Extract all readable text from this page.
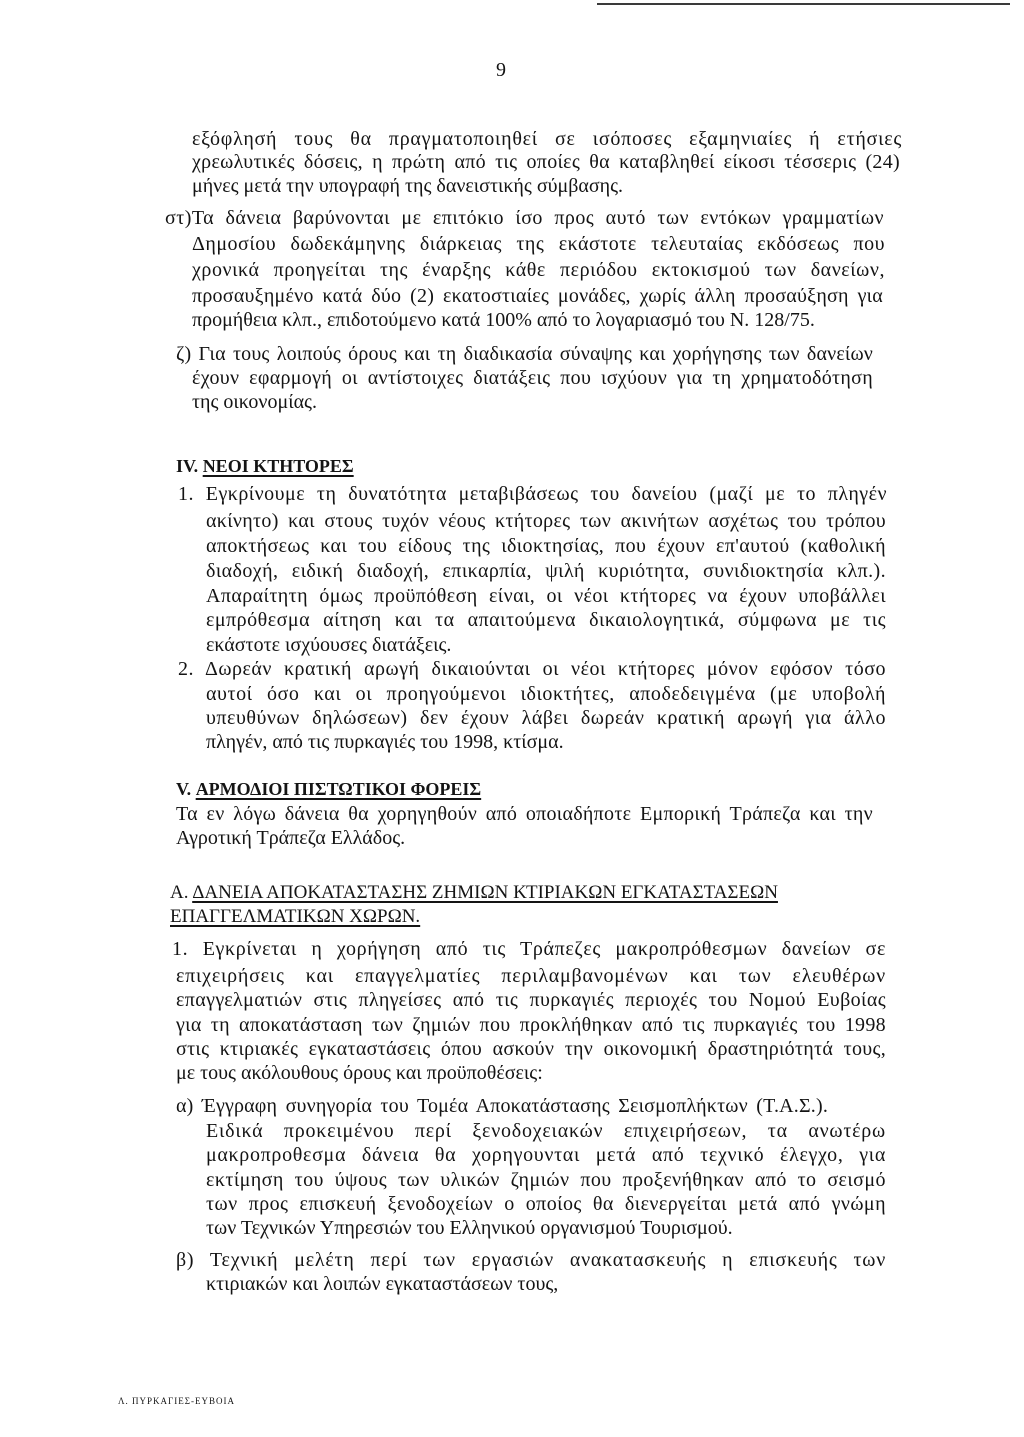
9
εξόφλησή τους θα πραγματοποιηθεί σε ισόποσες εξαμηνιαίες ή ετήσιες
χρεωλυτικές δόσεις, η πρώτη από τις οποίες θα καταβληθεί είκοσι τέσσερις (24)
μήνες μετά την υπογραφή της δανειστικής σύμβασης.
στ)Τα δάνεια βαρύνονται με επιτόκιο ίσο προς αυτό των εντόκων γραμματίων
Δημοσίου δωδεκάμηνης διάρκειας της εκάστοτε τελευταίας εκδόσεως που
χρονικά προηγείται της έναρξης κάθε περιόδου εκτοκισμού των δανείων,
προσαυξημένο κατά δύο (2) εκατοστιαίες μονάδες, χωρίς άλλη προσαύξηση για
προμήθεια κλπ., επιδοτούμενο κατά 100% από το λογαριασμό του Ν. 128/75.
ζ) Για τους λοιπούς όρους και τη διαδικασία σύναψης και χορήγησης των δανείων
έχουν εφαρμογή οι αντίστοιχες διατάξεις που ισχύουν για τη χρηματοδότηση
της οικονομίας.
IV. ΝΕΟΙ ΚΤΗΤΟΡΕΣ
1. Εγκρίνουμε τη δυνατότητα μεταβιβάσεως του δανείου (μαζί με το πληγέν
ακίνητο) και στους τυχόν νέους κτήτορες των ακινήτων ασχέτως του τρόπου
αποκτήσεως και του είδους της ιδιοκτησίας, που έχουν επ'αυτού (καθολική
διαδοχή, ειδική διαδοχή, επικαρπία, ψιλή κυριότητα, συνιδιοκτησία κλπ.).
Απαραίτητη όμως προϋπόθεση είναι, οι νέοι κτήτορες να έχουν υποβάλλει
εμπρόθεσμα αίτηση και τα απαιτούμενα δικαιολογητικά, σύμφωνα με τις
εκάστοτε ισχύουσες διατάξεις.
2. Δωρεάν κρατική αρωγή δικαιούνται οι νέοι κτήτορες μόνον εφόσον τόσο
αυτοί όσο και οι προηγούμενοι ιδιοκτήτες, αποδεδειγμένα (με υποβολή
υπευθύνων δηλώσεων) δεν έχουν λάβει δωρεάν κρατική αρωγή για άλλο
πληγέν, από τις πυρκαγιές του 1998, κτίσμα.
V. ΑΡΜΟΔΙΟΙ ΠΙΣΤΩΤΙΚΟΙ ΦΟΡΕΙΣ
Τα εν λόγω δάνεια θα χορηγηθούν από οποιαδήποτε Εμπορική Τράπεζα και την
Αγροτική Τράπεζα Ελλάδος.
Α. ΔΑΝΕΙΑ ΑΠΟΚΑΤΑΣΤΑΣΗΣ ΖΗΜΙΩΝ ΚΤΙΡΙΑΚΩΝ ΕΓΚΑΤΑΣΤΑΣΕΩΝ
ΕΠΑΓΓΕΛΜΑΤΙΚΩΝ ΧΩΡΩΝ.
1. Εγκρίνεται η χορήγηση από τις Τράπεζες μακροπρόθεσμων δανείων σε
επιχειρήσεις και επαγγελματίες περιλαμβανομένων και των ελευθέρων
επαγγελματιών στις πληγείσες από τις πυρκαγιές περιοχές του Νομού Ευβοίας
για τη αποκατάσταση των ζημιών που προκλήθηκαν από τις πυρκαγιές του 1998
στις κτιριακές εγκαταστάσεις όπου ασκούν την οικονομική δραστηριότητά τους,
με τους ακόλουθους όρους και προϋποθέσεις:
α) Έγγραφη συνηγορία του Τομέα Αποκατάστασης Σεισμοπλήκτων (Τ.Α.Σ.).
Ειδικά προκειμένου περί ξενοδοχειακών επιχειρήσεων, τα ανωτέρω
μακροπροθεσμα δάνεια θα χορηγουνται μετά από τεχνικό έλεγχο, για
εκτίμηση του ύψους των υλικών ζημιών που προξενήθηκαν από το σεισμό
των προς επισκευή ξενοδοχείων ο οποίος θα διενεργείται μετά από γνώμη
των Τεχνικών Υπηρεσιών του Ελληνικού οργανισμού Τουρισμού.
β) Τεχνική μελέτη περί των εργασιών ανακατασκευής η επισκευής των
κτιριακών και λοιπών εγκαταστάσεων τους,
Λ. ΠΥΡΚΑΓΙΕΣ-ΕΥΒΟΙΑ
